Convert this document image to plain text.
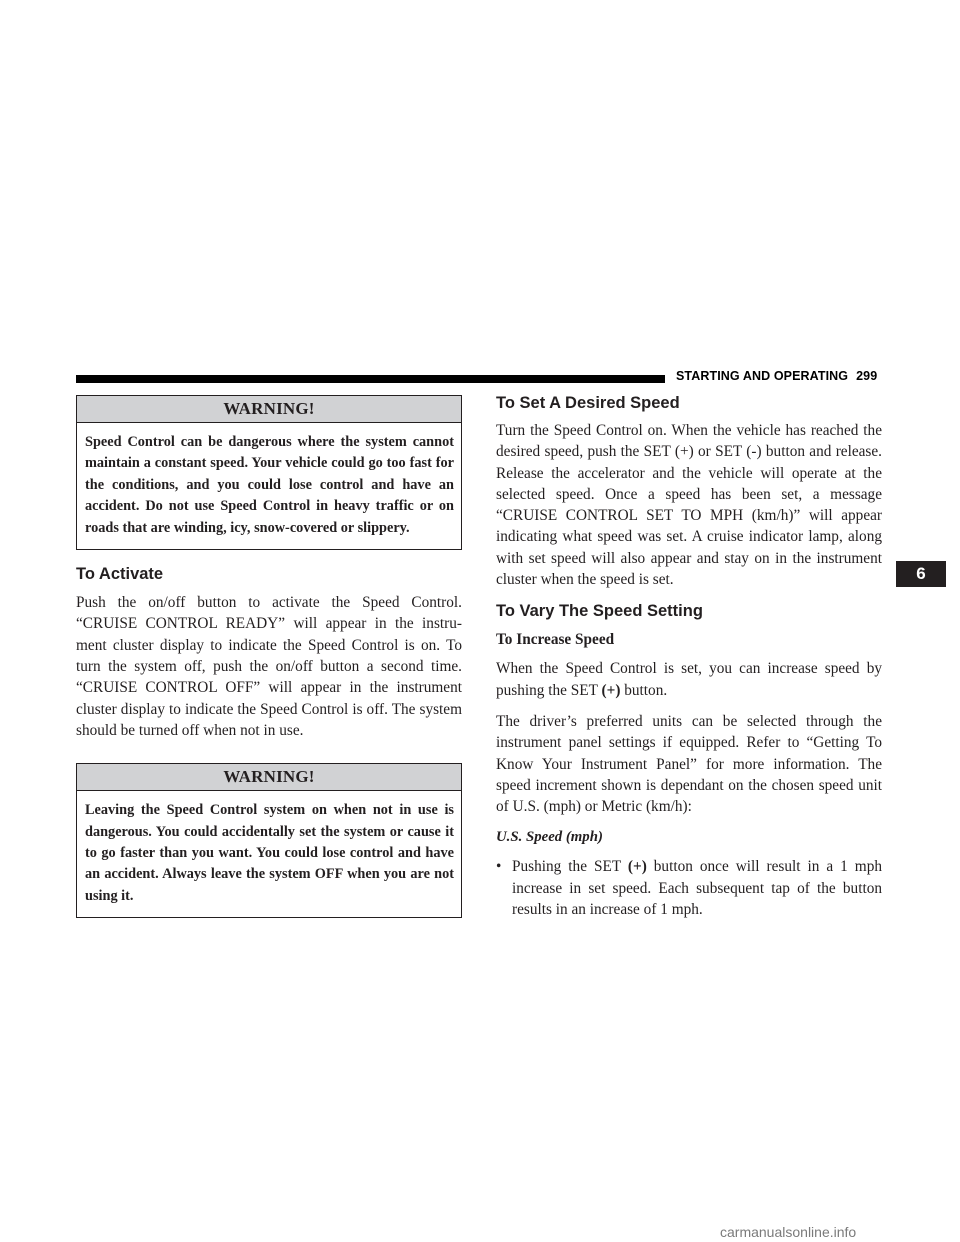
STARTING AND OPERATING 299
6
WARNING!

Speed Control can be dangerous where the system cannot maintain a constant speed. Your vehicle could go too fast for the conditions, and you could lose control and have an accident. Do not use Speed Control in heavy traffic or on roads that are winding, icy, snow-covered or slippery.

To Activate

Push the on/off button to activate the Speed Control. “CRUISE CONTROL READY” will appear in the instru- ment cluster display to indicate the Speed Control is on. To turn the system off, push the on/off button a second time. “CRUISE CONTROL OFF” will appear in the instrument cluster display to indicate the Speed Control is off. The system should be turned off when not in use.

WARNING!

Leaving the Speed Control system on when not in use is dangerous. You could accidentally set the system or cause it to go faster than you want. You could lose control and have an accident. Always leave the system OFF when you are not using it.

To Set A Desired Speed

Turn the Speed Control on. When the vehicle has reached the desired speed, push the SET (+) or SET (-) button and release. Release the accelerator and the vehicle will operate at the selected speed. Once a speed has been set, a message “CRUISE CONTROL SET TO MPH (km/h)” will appear indicating what speed was set. A cruise indicator lamp, along with set speed will also appear and stay on in the instrument cluster when the speed is set.

To Vary The Speed Setting

To Increase Speed

When the Speed Control is set, you can increase speed by pushing the SET (+) button.

The driver’s preferred units can be selected through the instrument panel settings if equipped. Refer to “Getting To Know Your Instrument Panel” for more information. The speed increment shown is dependant on the chosen speed unit of U.S. (mph) or Metric (km/h):

U.S. Speed (mph)

• Pushing the SET (+) button once will result in a 1 mph increase in set speed. Each subsequent tap of the button results in an increase of 1 mph.

carmanualsonline.info
